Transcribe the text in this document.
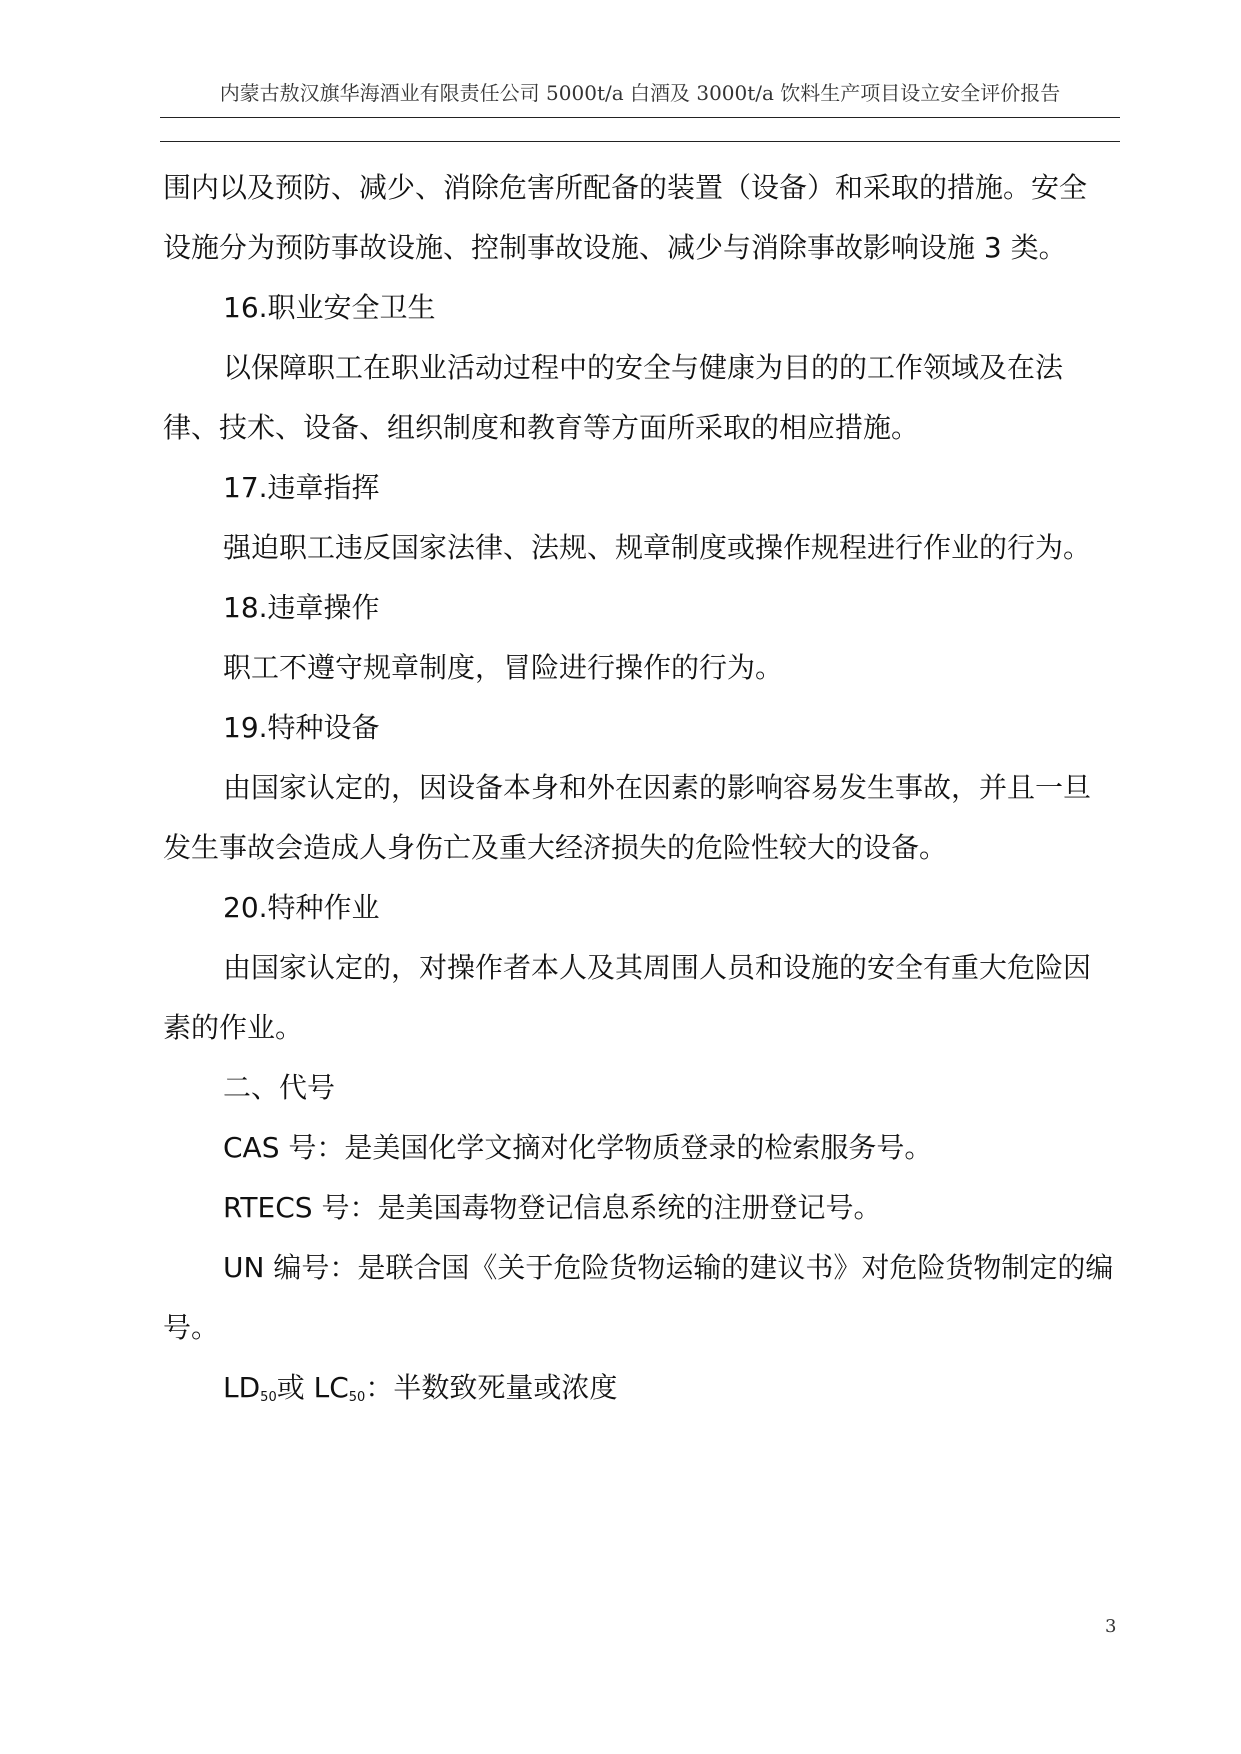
内蒙古敖汉旗华海酒业有限责任公司 5000t/a 白酒及 3000t/a 饮料生产项目设立安全评价报告
围内以及预防、减少、消除危害所配备的装置（设备）和采取的措施。安全
设施分为预防事故设施、控制事故设施、减少与消除事故影响设施 3 类。
16.职业安全卫生
以保障职工在职业活动过程中的安全与健康为目的的工作领域及在法
律、技术、设备、组织制度和教育等方面所采取的相应措施。
17.违章指挥
强迫职工违反国家法律、法规、规章制度或操作规程进行作业的行为。
18.违章操作
职工不遵守规章制度，冒险进行操作的行为。
19.特种设备
由国家认定的，因设备本身和外在因素的影响容易发生事故，并且一旦
发生事故会造成人身伤亡及重大经济损失的危险性较大的设备。
20.特种作业
由国家认定的，对操作者本人及其周围人员和设施的安全有重大危险因
素的作业。
二、代号
CAS 号：是美国化学文摘对化学物质登录的检索服务号。
RTECS 号：是美国毒物登记信息系统的注册登记号。
UN 编号：是联合国《关于危险货物运输的建议书》对危险货物制定的编
号。
$LD_{50}$或 $LC_{50}$：半数致死量或浓度
3
